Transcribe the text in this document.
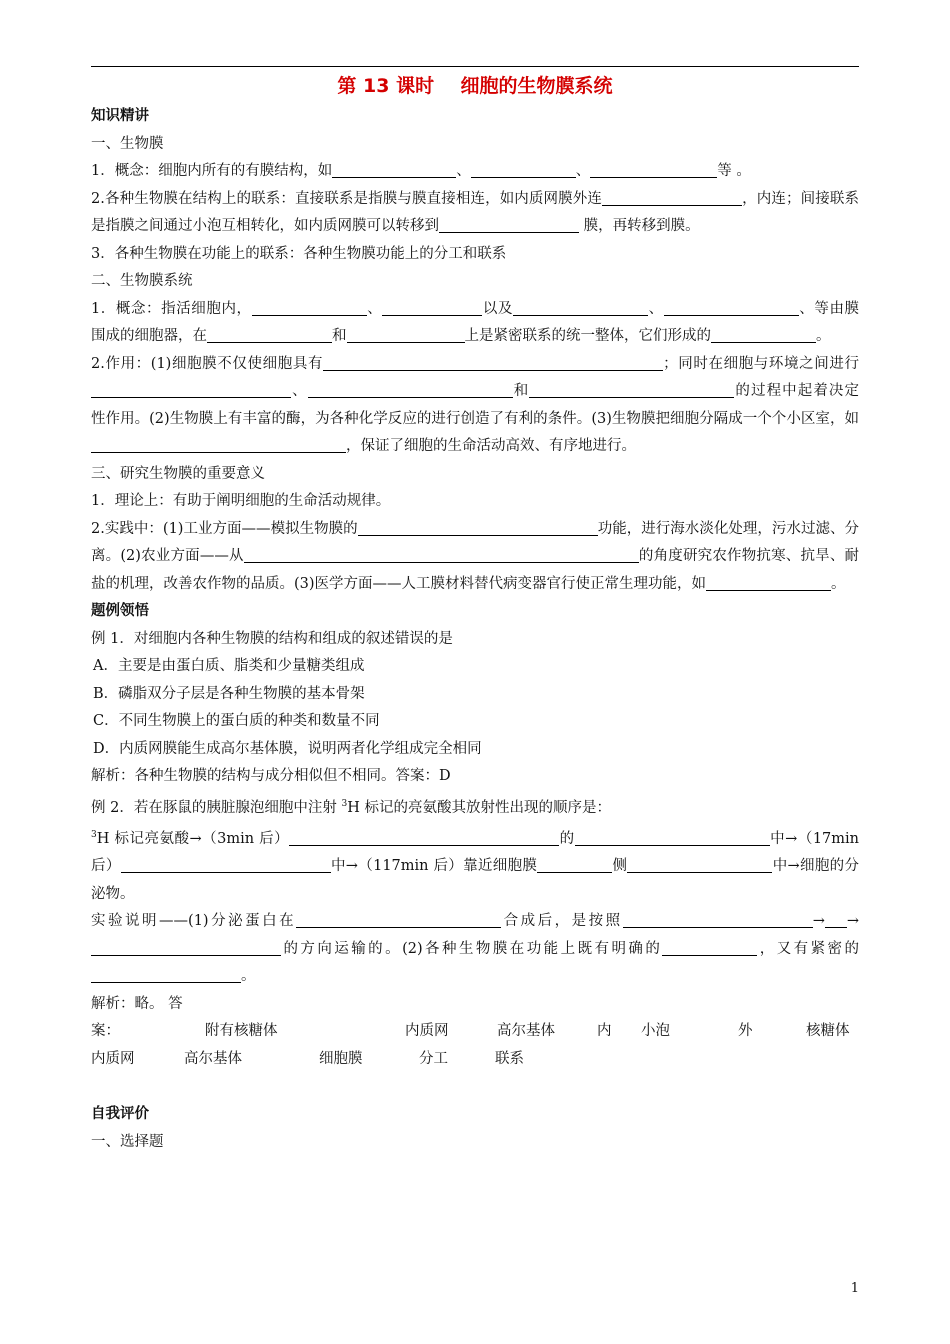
第 13 课时    细胞的生物膜系统

知识精讲

一、生物膜

1．概念：细胞内所有的有膜结构，如	、	、	等 。

2.各种生物膜在结构上的联系：直接联系是指膜与膜直接相连，如内质网膜外连	，内连；间接联系是指膜之间通过小泡互相转化，如内质网膜可以转移到	膜，再转移到膜。

3．各种生物膜在功能上的联系：各种生物膜功能上的分工和联系

二、生物膜系统

1．概念：指活细胞内，	、	以及	、	、等由膜围成的细胞器，在	和	上是紧密联系的统一整体，它们形成的	。

2.作用：(1)细胞膜不仅使细胞具有	；同时在细胞与环境之间进行、	和	的过程中起着决定性作用。(2)生物膜上有丰富的酶，为各种化学反应的进行创造了有利的条件。(3)生物膜把细胞分隔成一个个小区室，如，保证了细胞的生命活动高效、有序地进行。

三、研究生物膜的重要意义

1．理论上：有助于阐明细胞的生命活动规律。

2.实践中：(1)工业方面——模拟生物膜的	功能，进行海水淡化处理，污水过滤、分离。(2)农业方面——从	的角度研究农作物抗寒、抗旱、耐盐的机理，改善农作物的品质。(3)医学方面——人工膜材料替代病变器官行使正常生理功能，如	。

题例领悟

例 1．对细胞内各种生物膜的结构和组成的叙述错误的是

A．主要是由蛋白质、脂类和少量糖类组成

B．磷脂双分子层是各种生物膜的基本骨架

C．不同生物膜上的蛋白质的种类和数量不同

D．内质网膜能生成高尔基体膜，说明两者化学组成完全相同

解析：各种生物膜的结构与成分相似但不相同。答案：D

例 2．若在豚鼠的胰脏腺泡细胞中注射 $^3$H 标记的亮氨酸其放射性出现的顺序是：

$^3$H 标记亮氨酸→（3min 后）	的	中→（17min 后）	中→（117min 后）靠近细胞膜	侧	中→细胞的分泌物。

实验说明——(1)分泌蛋白在	合成后，是按照	→ →的方向运输的。(2)各种生物膜在功能上既有明确的	，又有紧密的。

解析：略。 答案：	附有核糖体	内质网	高尔基体	内 小泡	外	核糖体
内质网	高尔基体	细胞膜	分工	联系

自我评价

一、选择题

1
